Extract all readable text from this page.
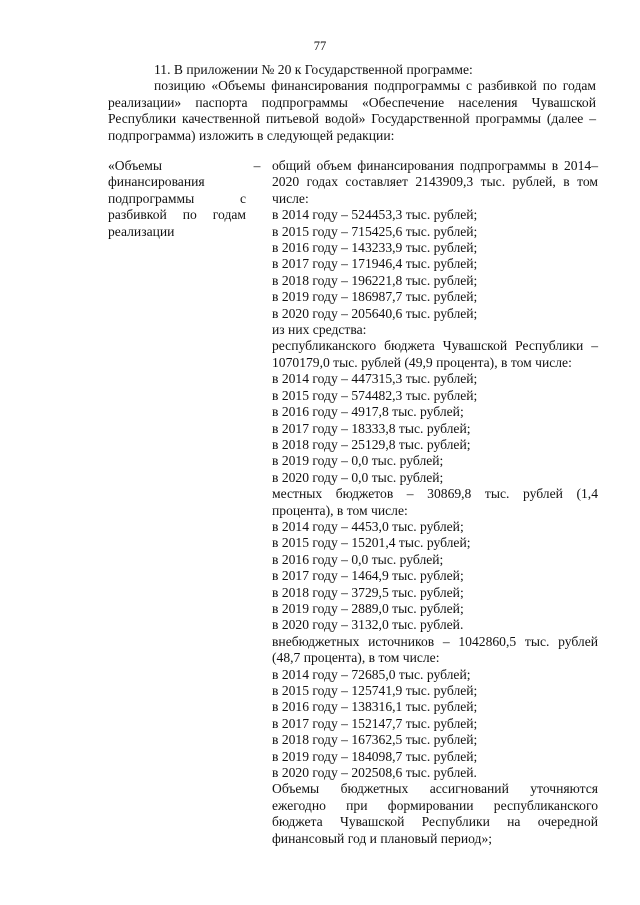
77

11. В приложении № 20 к Государственной программе:

позицию «Объемы финансирования подпрограммы с разбивкой по годам реализации» паспорта подпрограммы «Обеспечение населения Чувашской Республики качественной питьевой водой» Государственной программы (далее – подпрограмма) изложить в следующей редакции:

«Объемы финансирования подпрограммы с разбивкой по годам реализации
– общий объем финансирования подпрограммы в 2014–2020 годах составляет 2143909,3 тыс. рублей, в том числе:
в 2014 году – 524453,3 тыс. рублей;
в 2015 году – 715425,6 тыс. рублей;
в 2016 году – 143233,9 тыс. рублей;
в 2017 году – 171946,4 тыс. рублей;
в 2018 году – 196221,8 тыс. рублей;
в 2019 году – 186987,7 тыс. рублей;
в 2020 году – 205640,6 тыс. рублей;
из них средства:
республиканского бюджета Чувашской Республики – 1070179,0 тыс. рублей (49,9 процента), в том числе:
в 2014 году – 447315,3 тыс. рублей;
в 2015 году – 574482,3 тыс. рублей;
в 2016 году – 4917,8 тыс. рублей;
в 2017 году – 18333,8 тыс. рублей;
в 2018 году – 25129,8 тыс. рублей;
в 2019 году – 0,0 тыс. рублей;
в 2020 году – 0,0 тыс. рублей;
местных бюджетов – 30869,8 тыс. рублей (1,4 процента), в том числе:
в 2014 году – 4453,0 тыс. рублей;
в 2015 году – 15201,4 тыс. рублей;
в 2016 году – 0,0 тыс. рублей;
в 2017 году – 1464,9 тыс. рублей;
в 2018 году – 3729,5 тыс. рублей;
в 2019 году – 2889,0 тыс. рублей;
в 2020 году – 3132,0 тыс. рублей.
внебюджетных источников – 1042860,5 тыс. рублей (48,7 процента), в том числе:
в 2014 году – 72685,0 тыс. рублей;
в 2015 году – 125741,9 тыс. рублей;
в 2016 году – 138316,1 тыс. рублей;
в 2017 году – 152147,7 тыс. рублей;
в 2018 году – 167362,5 тыс. рублей;
в 2019 году – 184098,7 тыс. рублей;
в 2020 году – 202508,6 тыс. рублей.
Объемы бюджетных ассигнований уточняются ежегодно при формировании республиканского бюджета Чувашской Республики на очередной финансовый год и плановый период»;
